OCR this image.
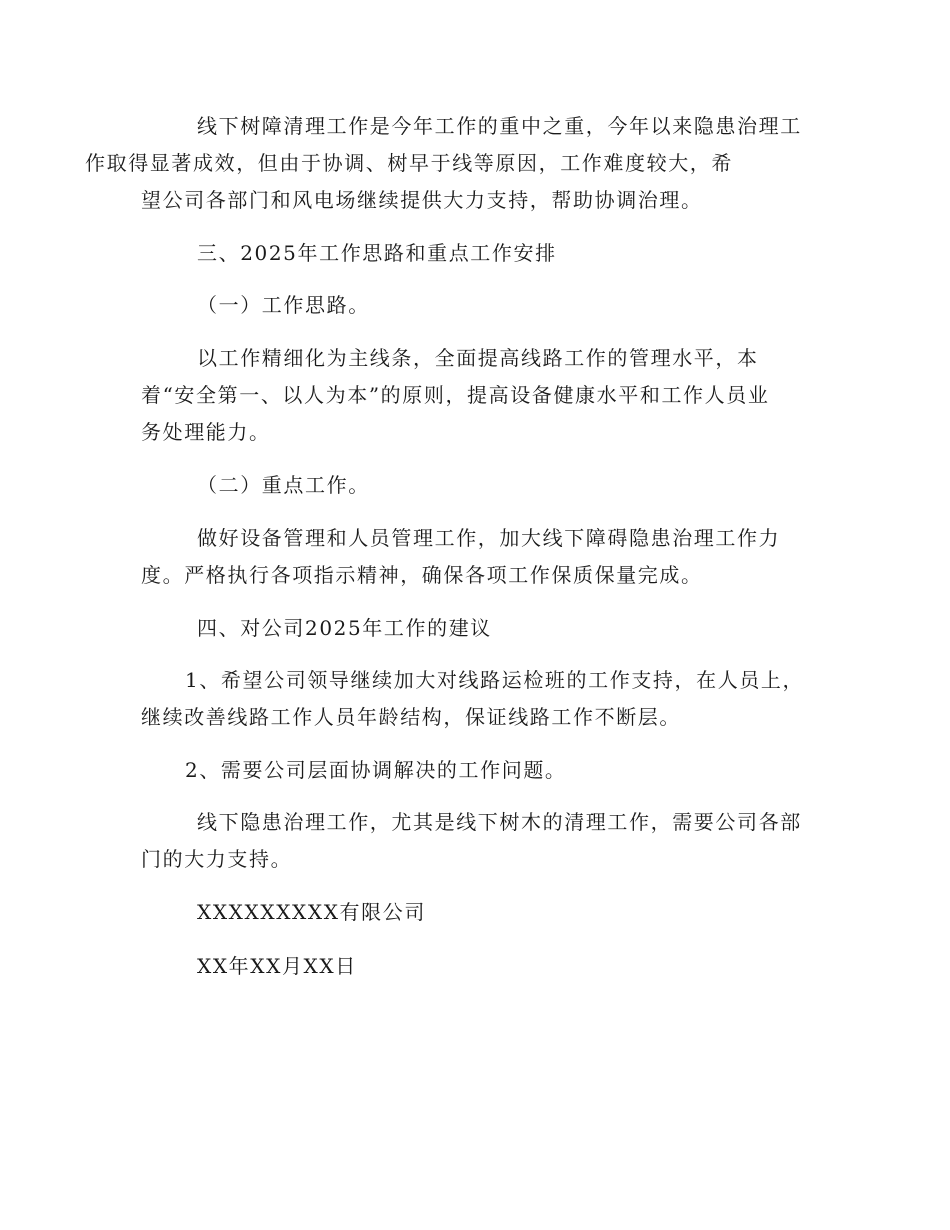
线下树障清理工作是今年工作的重中之重，今年以来隐患治理工
作取得显著成效，但由于协调、树早于线等原因，工作难度较大，希
望公司各部门和风电场继续提供大力支持，帮助协调治理。

三、2025年工作思路和重点工作安排

（一）工作思路。

以工作精细化为主线条，全面提高线路工作的管理水平，本
着“安全第一、以人为本”的原则，提高设备健康水平和工作人员业
务处理能力。

（二）重点工作。

做好设备管理和人员管理工作，加大线下障碍隐患治理工作力
度。严格执行各项指示精神，确保各项工作保质保量完成。

四、对公司2025年工作的建议

1、希望公司领导继续加大对线路运检班的工作支持，在人员上，
继续改善线路工作人员年龄结构，保证线路工作不断层。

2、需要公司层面协调解决的工作问题。

线下隐患治理工作，尤其是线下树木的清理工作，需要公司各部
门的大力支持。

XXXXXXXXX有限公司

XX年XX月XX日
